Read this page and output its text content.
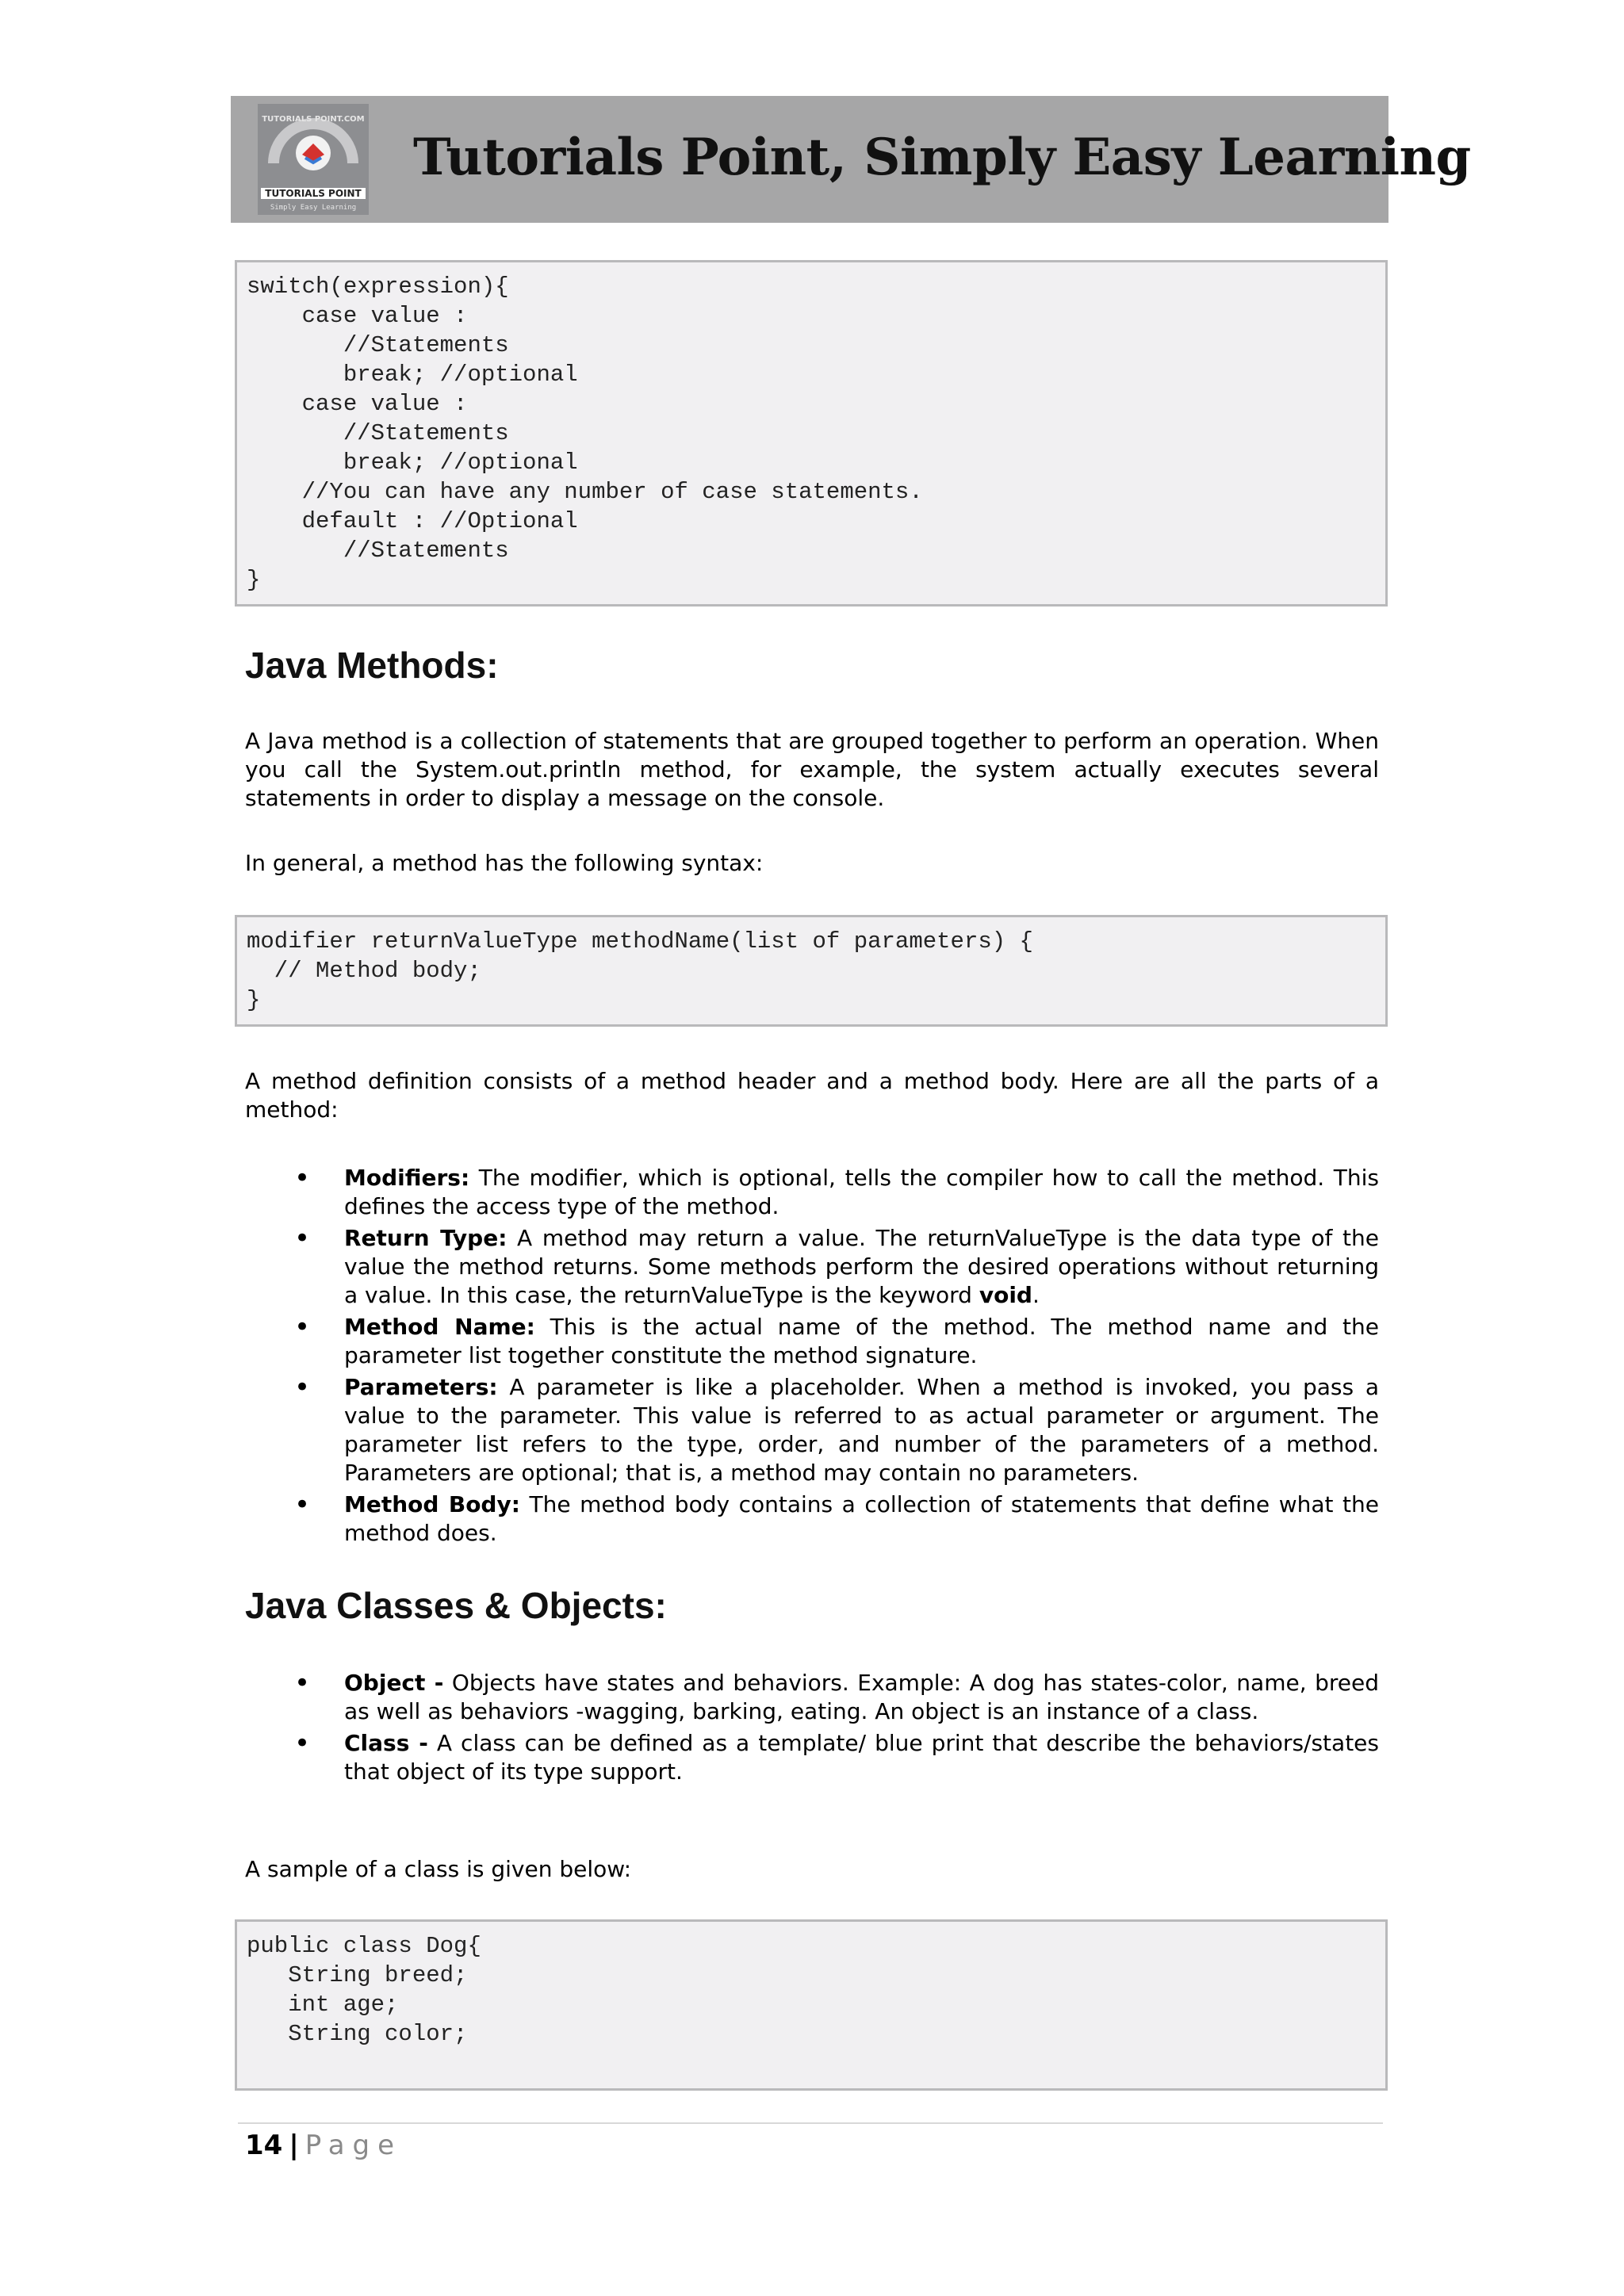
TUTORIALS POINT
Simply Easy Learning
TUTORIALS POINT.COM
Tutorials Point, Simply Easy Learning
switch(expression){
case value :
//Statements
break; //optional
case value :
//Statements
break; //optional
//You can have any number of case statements.
default : //Optional
//Statements
}
Java Methods:
A Java method is a collection of statements that are grouped together to perform an operation. When you call the System.out.println method, for example, the system actually executes several statements in order to display a message on the console.
In general, a method has the following syntax:
modifier returnValueType methodName(list of parameters) {
// Method body;
}
A method definition consists of a method header and a method body. Here are all the parts of a method:
• Modifiers: The modifier, which is optional, tells the compiler how to call the method. This defines the access type of the method.
• Return Type: A method may return a value. The returnValueType is the data type of the value the method returns. Some methods perform the desired operations without returning a value. In this case, the returnValueType is the keyword void.
• Method Name: This is the actual name of the method. The method name and the parameter list together constitute the method signature.
• Parameters: A parameter is like a placeholder. When a method is invoked, you pass a value to the parameter. This value is referred to as actual parameter or argument. The parameter list refers to the type, order, and number of the parameters of a method. Parameters are optional; that is, a method may contain no parameters.
• Method Body: The method body contains a collection of statements that define what the method does.
Java Classes & Objects:
• Object - Objects have states and behaviors. Example: A dog has states-color, name, breed as well as behaviors -wagging, barking, eating. An object is an instance of a class.
• Class - A class can be defined as a template/ blue print that describe the behaviors/states that object of its type support.
A sample of a class is given below:
public class Dog{
String breed;
int age;
String color;
14 | Page
